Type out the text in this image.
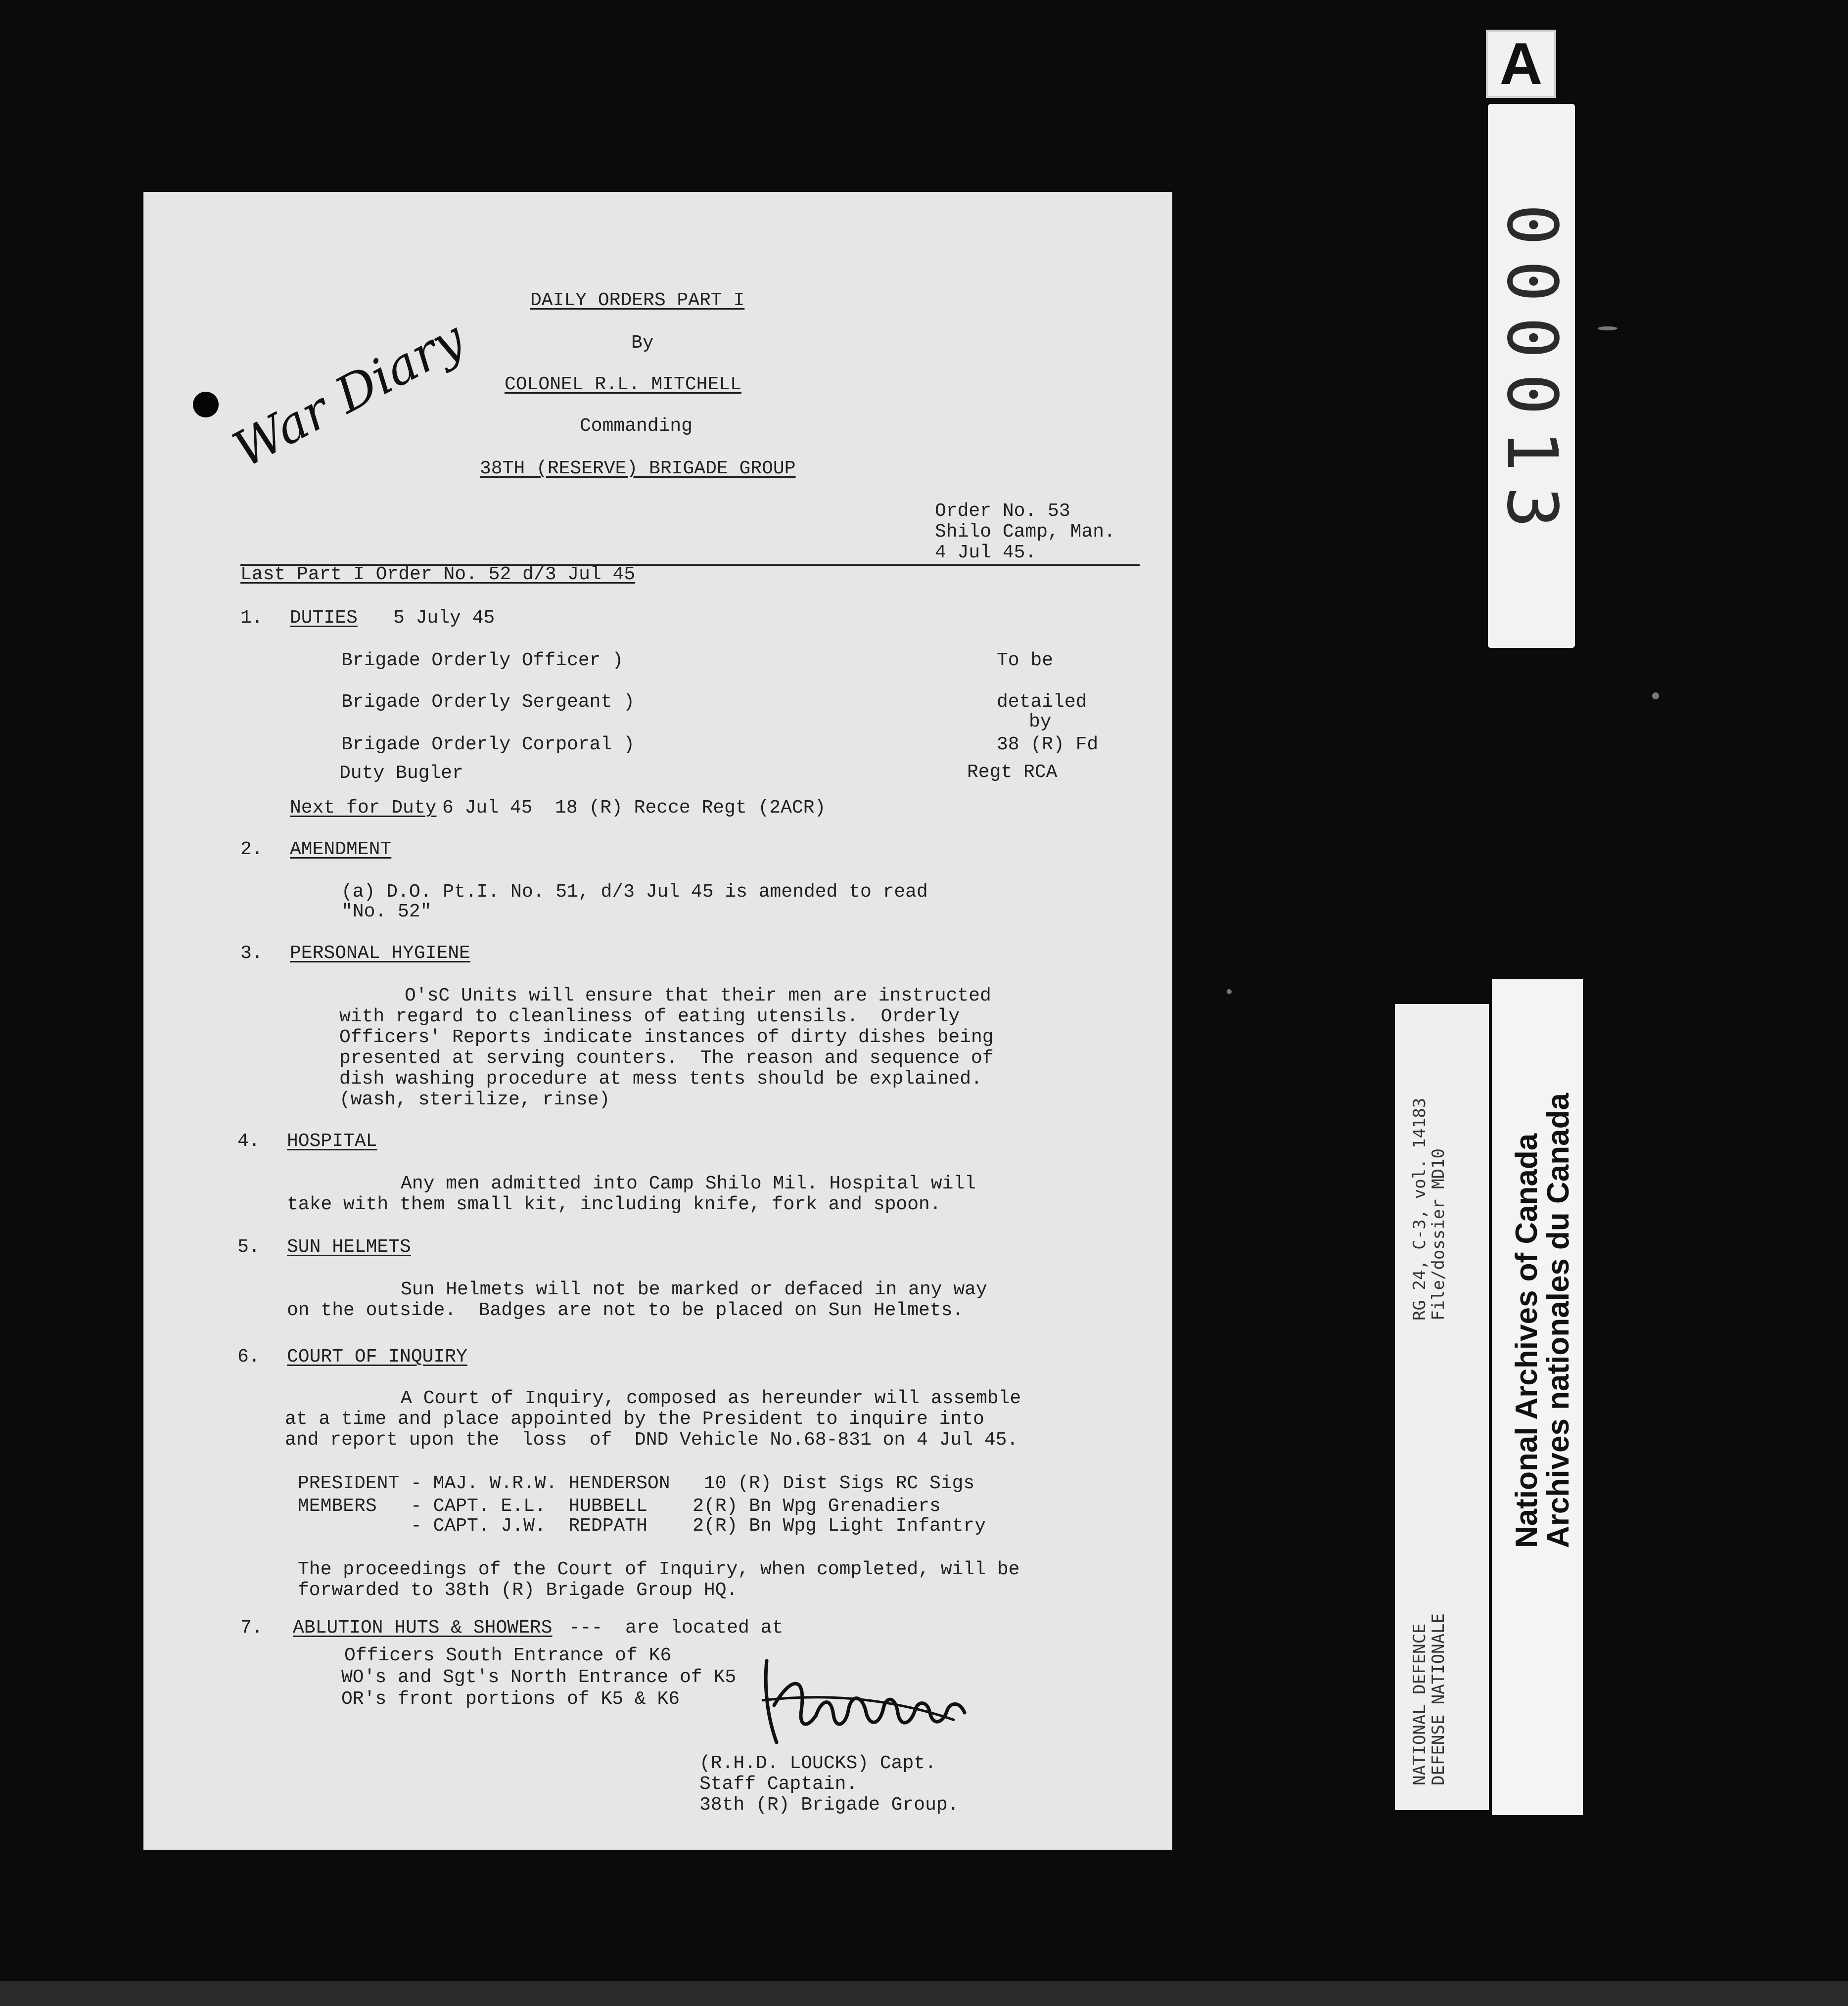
A
000013
NATIONAL DEFENCE
DEFENSE NATIONALE
RG 24, C-3, vol. 14183
File/dossier MD10 National Archives of Canada
Archives nationales du Canada
War Diary
DAILY ORDERS PART I
By
COLONEL R.L. MITCHELL
Commanding
38TH (RESERVE) BRIGADE GROUP
Order No. 53
Shilo Camp, Man.
4 Jul 45.
Last Part I Order No. 52 d/3 Jul 45
1. DUTIES 5 July 45
Brigade Orderly Officer )
Brigade Orderly Sergeant )
Brigade Orderly Corporal )
Duty Bugler
To be
detailed
by
38 (R) Fd
Regt RCA
Next for Duty 6 Jul 45  18 (R) Recce Regt (2ACR)
2. AMENDMENT
(a) D.O. Pt.I. No. 51, d/3 Jul 45 is amended to read
"No. 52"
3. PERSONAL HYGIENE
O'sC Units will ensure that their men are instructed
with regard to cleanliness of eating utensils.  Orderly
Officers' Reports indicate instances of dirty dishes being
presented at serving counters.  The reason and sequence of
dish washing procedure at mess tents should be explained.
(wash, sterilize, rinse)
4. HOSPITAL
Any men admitted into Camp Shilo Mil. Hospital will
take with them small kit, including knife, fork and spoon.
5. SUN HELMETS
Sun Helmets will not be marked or defaced in any way
on the outside.  Badges are not to be placed on Sun Helmets.
6. COURT OF INQUIRY
A Court of Inquiry, composed as hereunder will assemble
at a time and place appointed by the President to inquire into
and report upon the  loss  of  DND Vehicle No.68-831 on 4 Jul 45.
PRESIDENT - MAJ. W.R.W. HENDERSON   10 (R) Dist Sigs RC Sigs
MEMBERS   - CAPT. E.L.  HUBBELL    2(R) Bn Wpg Grenadiers
- CAPT. J.W.  REDPATH    2(R) Bn Wpg Light Infantry
The proceedings of the Court of Inquiry, when completed, will be
forwarded to 38th (R) Brigade Group HQ.
7. ABLUTION HUTS & SHOWERS ---  are located at
Officers South Entrance of K6
WO's and Sgt's North Entrance of K5
OR's front portions of K5 & K6
(R.H.D. LOUCKS) Capt.
Staff Captain.
38th (R) Brigade Group.
